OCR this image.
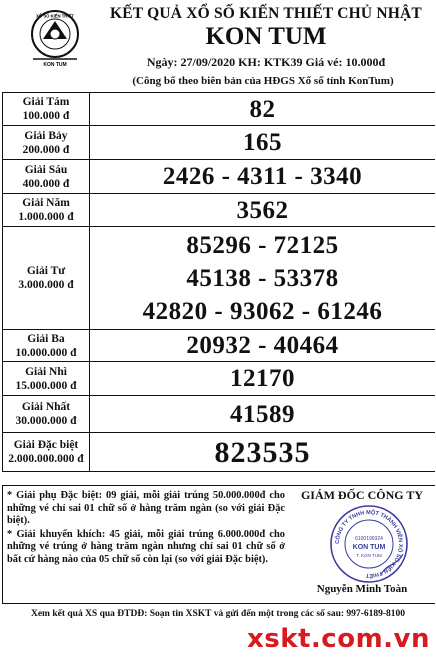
XỔ SỐ KIẾN THIẾT
KON TUM
KẾT QUẢ XỔ SỐ KIẾN THIẾT CHỦ NHẬT
KON TUM
Ngày: 27/09/2020 KH: KTK39 Giá vé: 10.000đ
(Công bố theo biên bản của HĐGS Xổ số tỉnh KonTum)
Giải Tám
100.000 đ	82
Giải Bảy
200.000 đ	165
Giải Sáu
400.000 đ	2426 - 4311 - 3340
Giải Năm
1.000.000 đ	3562
Giải Tư
3.000.000 đ
85296 - 72125
45138 - 53378
42820 - 93062 - 61246
Giải Ba
10.000.000 đ	20932 - 40464
Giải Nhì
15.000.000 đ	12170
Giải Nhất
30.000.000 đ	41589
Giải Đặc biệt
2.000.000.000 đ	823535

* Giải phụ Đặc biệt: 09 giải, mỗi giải trúng 50.000.000đ cho những vé chỉ sai 01 chữ số ở hàng trăm ngàn (so với giải Đặc biệt).

* Giải khuyến khích: 45 giải, mỗi giải trúng 6.000.000đ cho những vé trúng ở hàng trăm ngàn nhưng chỉ sai 01 chữ số ở bất cứ hàng nào của 05 chữ số còn lại (so với giải Đặc biệt).

GIÁM ĐỐC CÔNG TY
CÔNG TY TNHH MỘT THÀNH VIÊN XỔ SỐ KIẾN THIẾT
6100190324
KON TUM
T. KON TUM
Nguyễn Minh Toàn
Xem kết quả XS qua ĐTDĐ: Soạn tin XSKT và gửi đến một trong các số sau: 997-6189-8100
xskt.com.vn
